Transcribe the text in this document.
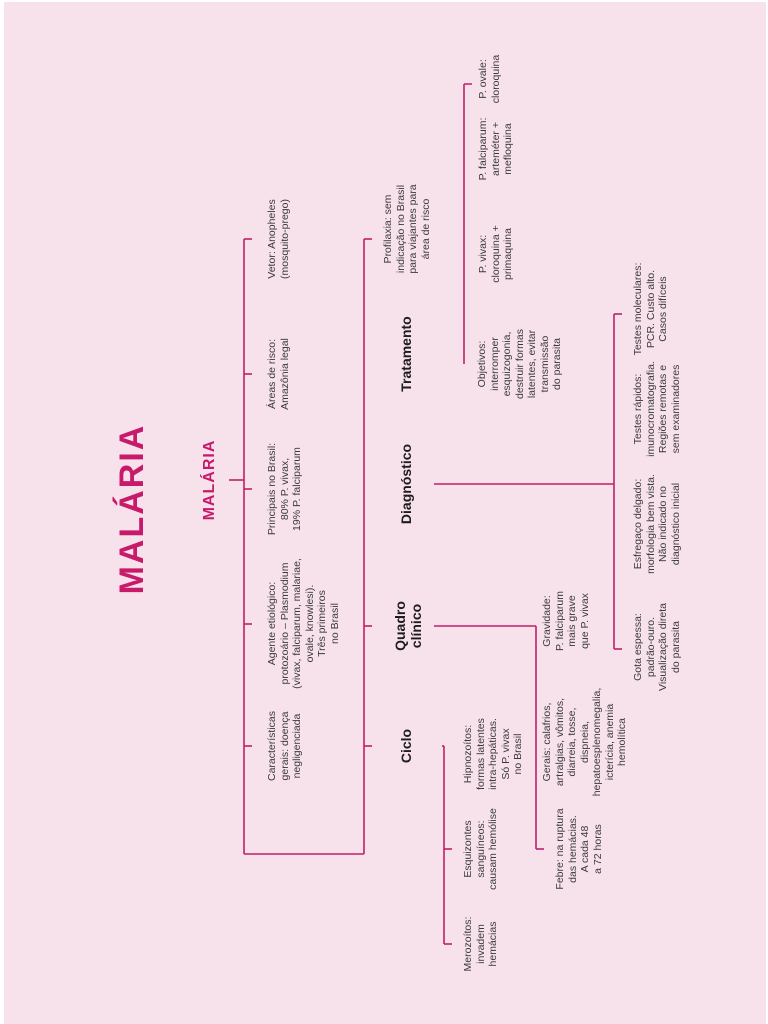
MALÁRIA	MALÁRIA
Características
gerais: doença
negligenciada
Agente etiológico:
protozoário – Plasmodium
(vivax, falciparum, malariae,
ovale, knowlesi).
Três primeiros
no Brasil
Principais no Brasil:
80% P. vivax,
19% P. falciparum
Áreas de risco:
Amazônia legal
Vetor: Anopheles
(mosquito-prego)
Ciclo
Quadro
clínico
Diagnóstico
Tratamento
Merozoítos:
invadem
hemácias
Esquizontes
sanguíneos:
causam hemólise
Hipnozoítos:
formas latentes
intra-hepáticas.
Só P. vivax
no Brasil
Febre: na ruptura
das hemácias.
A cada 48
a 72 horas
Gerais: calafrios,
artralgias, vômitos,
diarreia, tosse,
dispneia,
hepatoesplenomegalia,
icterícia, anemia
hemolítica
Gravidade:
P. falciparum
mais grave
que P. vivax
Gota espessa:
padrão-ouro.
Visualização direta
do parasita
Esfregaço delgado:
morfologia bem vista.
Não indicado no
diagnóstico inicial
Testes rápidos:
imunocromatografia.
Regiões remotas e
sem examinadores
Testes moleculares:
PCR. Custo alto.
Casos difíceis
Objetivos:
interromper
esquizogonia,
destruir formas
latentes, evitar
transmissão
do parasita
Profilaxia: sem
indicação no Brasil
para viajantes para
área de risco
P. vivax:
cloroquina +
primaquina
P. falciparum:
arteméter +
mefloquina
P. ovale:
cloroquina
